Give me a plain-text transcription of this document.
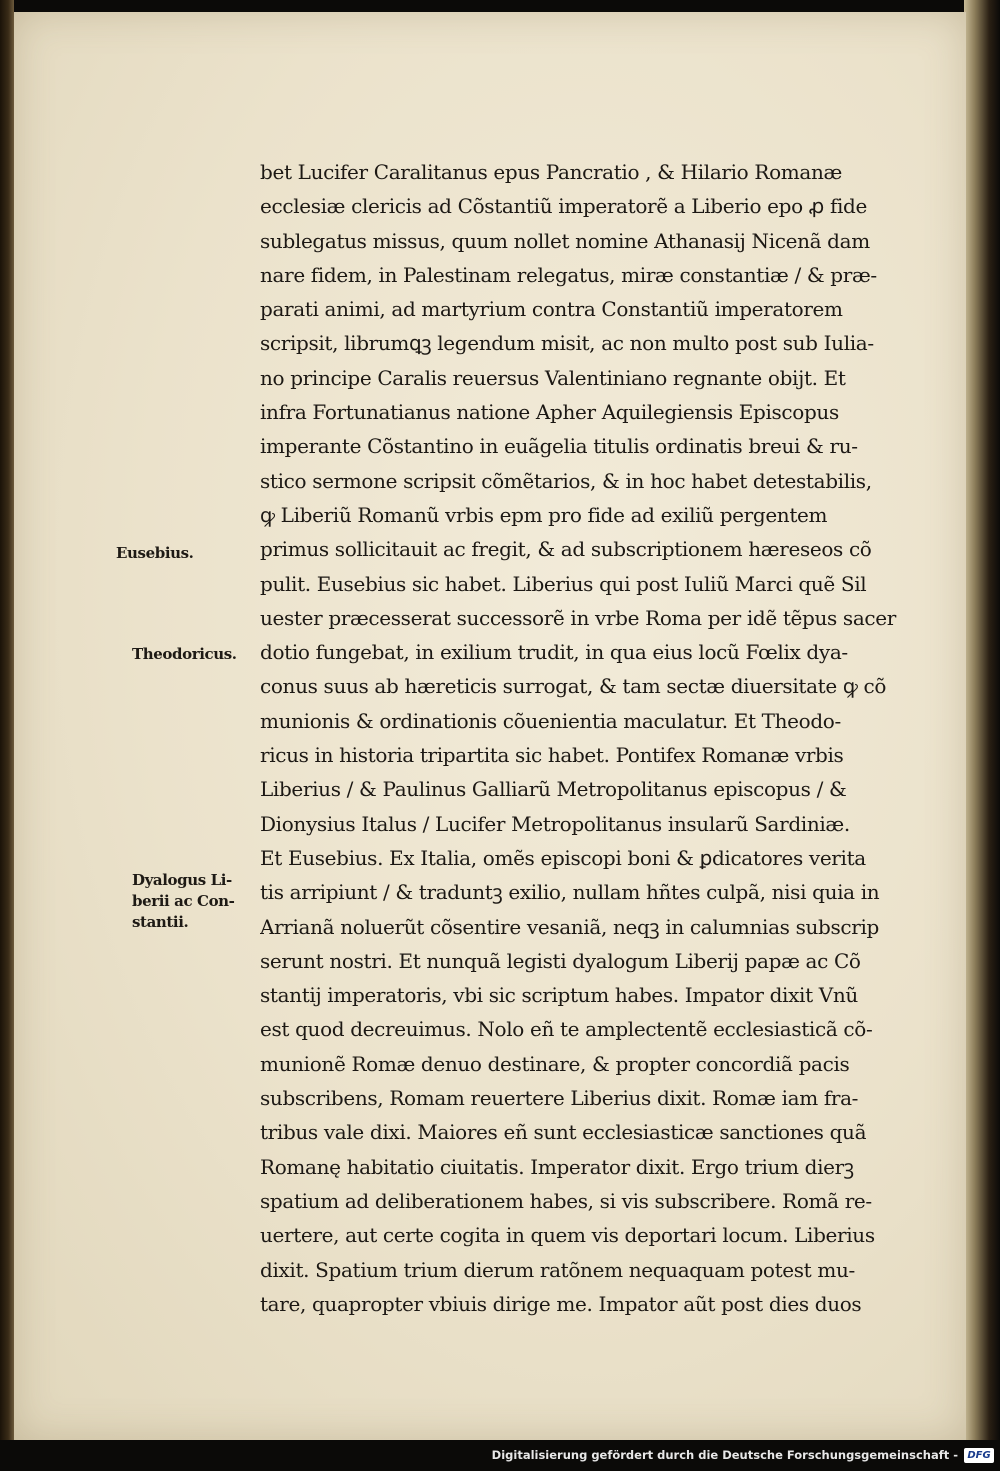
bet Lucifer Caralitanus epus Pancratio , & Hilario Romanæ
ecclesiæ clericis ad Cõstantiũ imperatorẽ a Liberio epo ꝓ fide
sublegatus missus, quum nollet nomine Athanasij Nicenã dam
nare fidem, in Palestinam relegatus, miræ constantiæ / & præ-
parati animi, ad martyrium contra Constantiũ imperatorem
scripsit, librumꝗꝫ legendum misit, ac non multo post sub Iulia-
no principe Caralis reuersus Valentiniano regnante obijt. Et
infra Fortunatianus natione Apher Aquilegiensis Episcopus
imperante Cõstantino in euãgelia titulis ordinatis breui & ru-
stico sermone scripsit cõmẽtarios, & in hoc habet detestabilis,
ꝙ Liberiũ Romanũ vrbis epm pro fide ad exiliũ pergentem
primus sollicitauit ac fregit, & ad subscriptionem hæreseos cõ
pulit. Eusebius sic habet. Liberius qui post Iuliũ Marci quẽ Sil
uester præcesserat successorẽ in vrbe Roma per idẽ tẽpus sacer
dotio fungebat, in exilium trudit, in qua eius locũ Fœlix dya-
conus suus ab hæreticis surrogat, & tam sectæ diuersitate ꝙ cõ
munionis & ordinationis cõuenientia maculatur. Et Theodo-
ricus in historia tripartita sic habet. Pontifex Romanæ vrbis
Liberius / & Paulinus Galliarũ Metropolitanus episcopus / &
Dionysius Italus / Lucifer Metropolitanus insularũ Sardiniæ.
Et Eusebius. Ex Italia, omẽs episcopi boni & ꝑdicatores verita
tis arripiunt / & traduntꝫ exilio, nullam hñtes culpã, nisi quia in
Arrianã noluerũt cõsentire vesaniã, neqꝫ in calumnias subscrip
serunt nostri. Et nunquã legisti dyalogum Liberij papæ ac Cõ
stantij imperatoris, vbi sic scriptum habes. Impator dixit Vnũ
est quod decreuimus. Nolo eñ te amplectentẽ ecclesiasticã cõ-
munionẽ Romæ denuo destinare, & propter concordiã pacis
subscribens, Romam reuertere Liberius dixit. Romæ iam fra-
tribus vale dixi. Maiores eñ sunt ecclesiasticæ sanctiones quã
Romanę habitatio ciuitatis. Imperator dixit. Ergo trium dierꝫ
spatium ad deliberationem habes, si vis subscribere. Romã re-
uertere, aut certe cogita in quem vis deportari locum. Liberius
dixit. Spatium trium dierum ratõnem nequaquam potest mu-
tare, quapropter vbiuis dirige me. Impator aũt post dies duos
Eusebius.
Theodoricus.
Dyalogus Li-
berii ac Con-
stantii.
Digitalisierung gefördert durch die Deutsche Forschungsgemeinschaft - DFG
